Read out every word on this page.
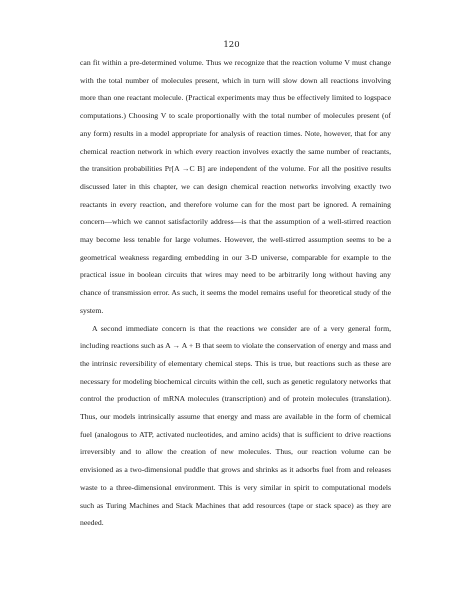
120

can fit within a pre-determined volume. Thus we recognize that the reaction volume V must change with the total number of molecules present, which in turn will slow down all reactions involving more than one reactant molecule. (Practical experiments may thus be effectively limited to logspace computations.) Choosing V to scale proportionally with the total number of molecules present (of any form) results in a model appropriate for analysis of reaction times. Note, however, that for any chemical reaction network in which every reaction involves exactly the same number of reactants, the transition probabilities Pr[A →C B] are independent of the volume. For all the positive results discussed later in this chapter, we can design chemical reaction networks involving exactly two reactants in every reaction, and therefore volume can for the most part be ignored. A remaining concern—which we cannot satisfactorily address—is that the assumption of a well-stirred reaction may become less tenable for large volumes. However, the well-stirred assumption seems to be a geometrical weakness regarding embedding in our 3-D universe, comparable for example to the practical issue in boolean circuits that wires may need to be arbitrarily long without having any chance of transmission error. As such, it seems the model remains useful for theoretical study of the system.

A second immediate concern is that the reactions we consider are of a very general form, including reactions such as A → A + B that seem to violate the conservation of energy and mass and the intrinsic reversibility of elementary chemical steps. This is true, but reactions such as these are necessary for modeling biochemical circuits within the cell, such as genetic regulatory networks that control the production of mRNA molecules (transcription) and of protein molecules (translation). Thus, our models intrinsically assume that energy and mass are available in the form of chemical fuel (analogous to ATP, activated nucleotides, and amino acids) that is sufficient to drive reactions irreversibly and to allow the creation of new molecules. Thus, our reaction volume can be envisioned as a two-dimensional puddle that grows and shrinks as it adsorbs fuel from and releases waste to a three-dimensional environment. This is very similar in spirit to computational models such as Turing Machines and Stack Machines that add resources (tape or stack space) as they are needed.
